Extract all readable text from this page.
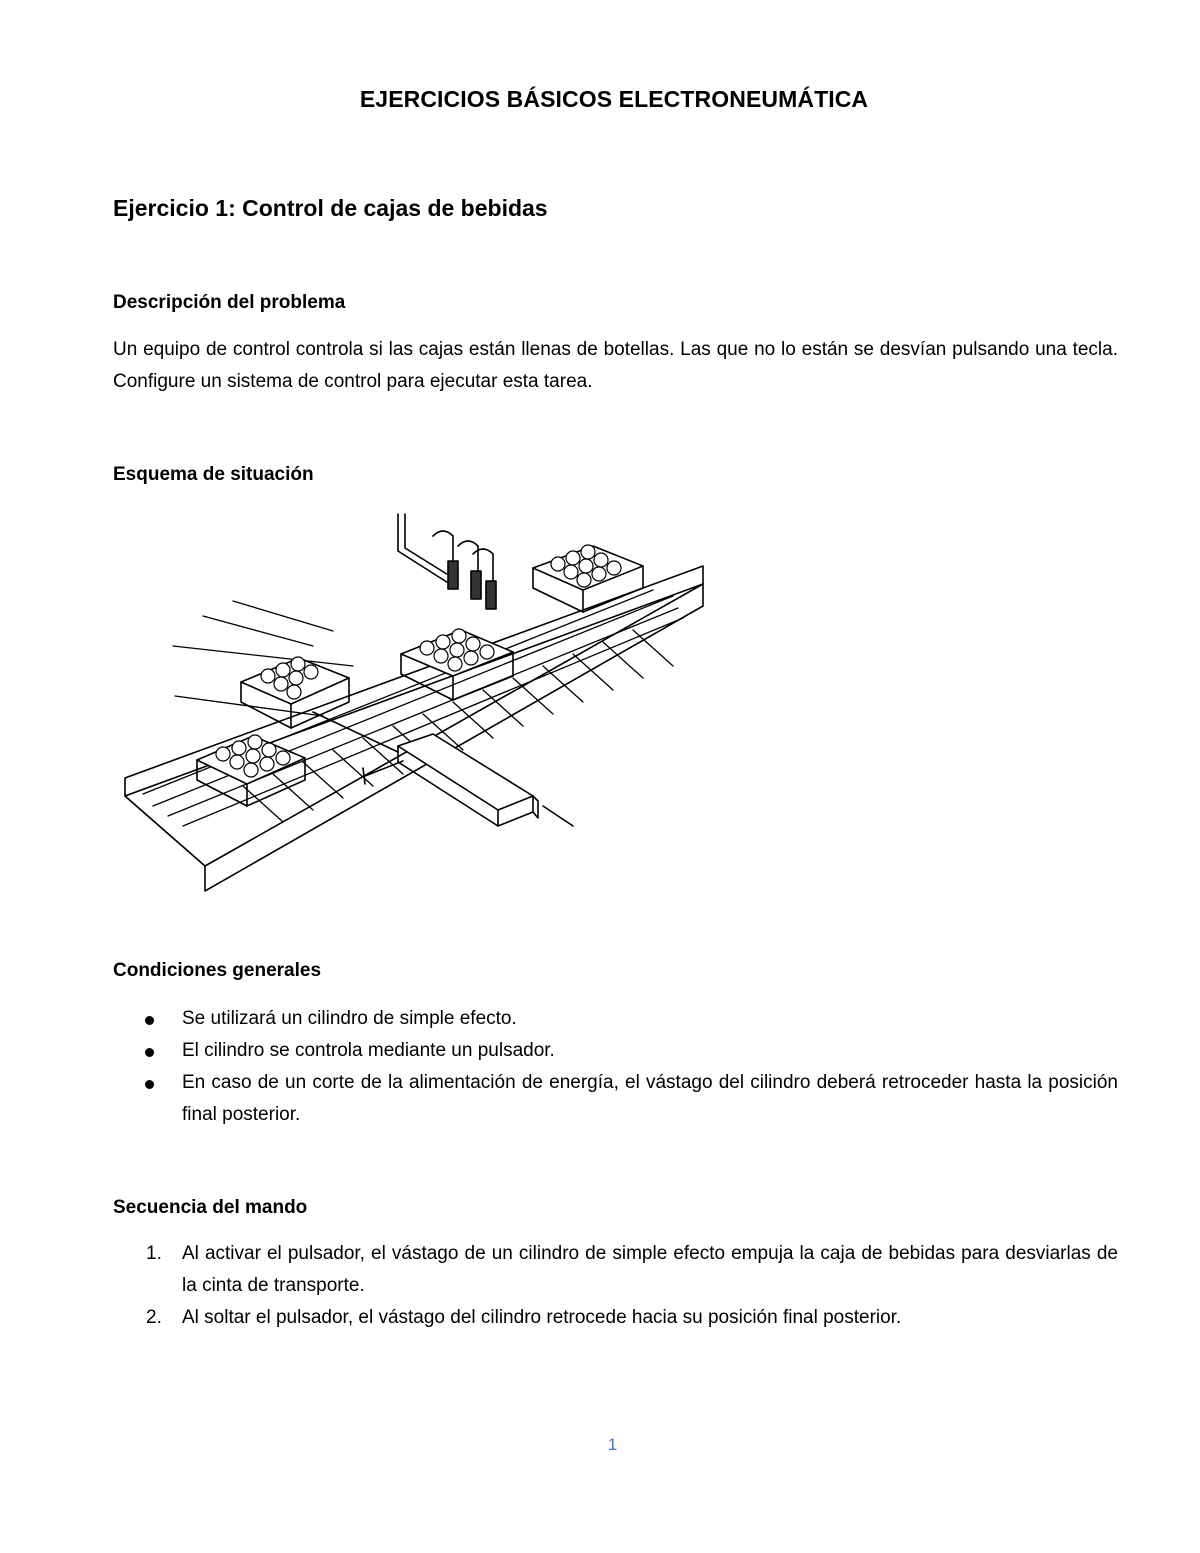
EJERCICIOS BÁSICOS ELECTRONEUMÁTICA
Ejercicio 1: Control de cajas de bebidas
Descripción del problema
Un equipo de control controla si las cajas están llenas de botellas. Las que no lo están se desvían pulsando una tecla. Configure un sistema de control para ejecutar esta tarea.
Esquema de situación
Condiciones generales
Se utilizará un cilindro de simple efecto.
El cilindro se controla mediante un pulsador.
En caso de un corte de la alimentación de energía, el vástago del cilindro deberá retroceder hasta la posición final posterior.
Secuencia del mando
1. Al activar el pulsador, el vástago de un cilindro de simple efecto empuja la caja de bebidas para desviarlas de la cinta de transporte.
2. Al soltar el pulsador, el vástago del cilindro retrocede hacia su posición final posterior.
1
